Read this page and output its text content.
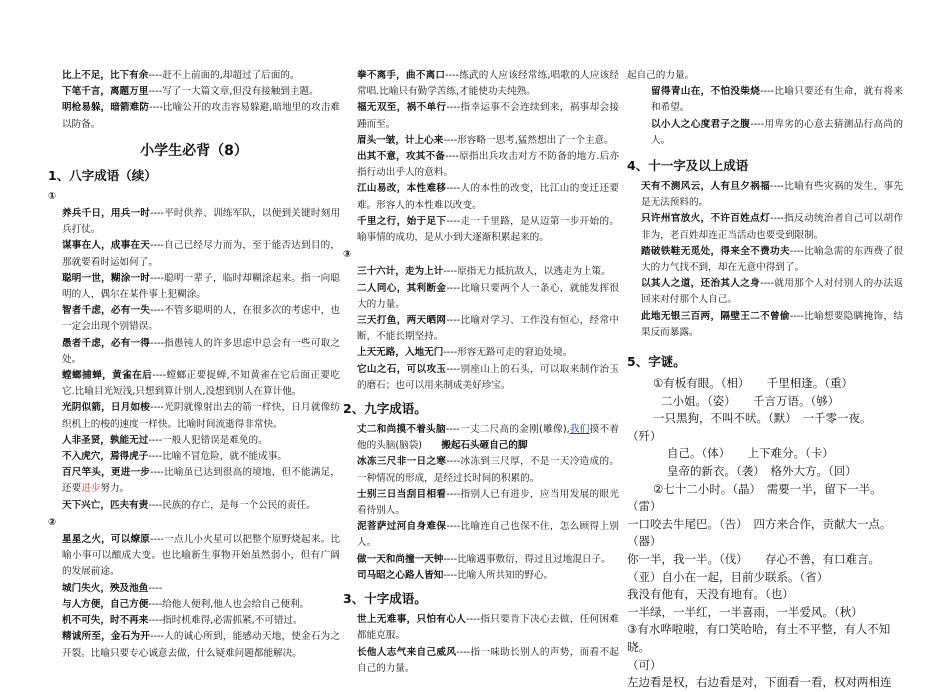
比上不足，比下有余----赶不上前面的,却超过了后面的。

下笔千言，离题万里----写了一大篇文章,但没有接触到主题。

明枪易躲，暗箭难防----比喻公开的攻击容易躲避,暗地里的攻击难以防备。

小学生必背（8）
1、八字成语（续）
①

养兵千日，用兵一时----平时供养、训练军队，以便到关键时刻用兵打仗。

谋事在人，成事在天----自己已经尽力而为，至于能否达到目的，那就要看时运如何了。

聪明一世，糊涂一时----聪明一辈子，临时却糊涂起来。指一向聪明的人，偶尔在某件事上犯糊涂。

智者千虑，必有一失----不管多聪明的人，在很多次的考虑中，也一定会出现个别错误。

愚者千虑，必有一得----指愚钝人的许多思虑中总会有一些可取之处。

螳螂捕蝉，黄雀在后----螳螂正要捉蝉,不知黄雀在它后面正要吃它.比喻目光短浅,只想到算计别人,没想到别人在算计他。

光阴似箭，日月如梭----光阴就像射出去的箭一样快，日月就像纺织机上的梭的速度一样快。比喻时间流逝得非常快。

人非圣贤，孰能无过----一般人犯错误是难免的。

不入虎穴，焉得虎子----比喻不冒危险，就不能成事。

百尺竿头，更进一步----比喻虽已达到很高的境地，但不能满足，还要进步努力。

天下兴亡，匹夫有责----民族的存亡，是每一个公民的责任。

②

星星之火，可以燎原----一点儿小火星可以把整个原野烧起来。比喻小事可以酿成大变。也比喻新生事物开始虽然弱小，但有广阔的发展前途。

城门失火，殃及池鱼----

与人方便，自己方便----给他人便利,他人也会给自己便利。

机不可失，时不再来----指时机难得,必需抓紧,不可错过。

精诚所至，金石为开----人的诚心所到，能感动天地，使金石为之开裂。比喻只要专心诚意去做，什么疑难问题都能解决。

拳不离手，曲不离口----练武的人应该经常练,唱歌的人应该经常唱.比喻只有勤学苦练,才能使功夫纯熟。

福无双至，祸不单行----指幸运事不会连续到来，祸事却会接踵而至。

眉头一皱，计上心来----形容略一思考,猛然想出了一个主意。

出其不意，攻其不备----原指出兵攻击对方不防备的地方.后亦指行动出乎人的意料。

江山易改，本性难移----人的本性的改变，比江山的变迁还要难。形容人的本性难以改变。

千里之行，始于足下----走一千里路，是从迈第一步开始的。喻事情的成功，是从小到大逐渐积累起来的。

③

三十六计，走为上计----原指无力抵抗敌人，以逃走为上策。

二人同心，其利断金----比喻只要两个人一条心，就能发挥很大的力量。

三天打鱼，两天晒网----比喻对学习、工作没有恒心，经常中断，不能长期坚持。

上天无路，入地无门----形容无路可走的窘迫处境。

它山之石，可以攻玉----别座山上的石头，可以取来制作治玉的磨石；也可以用来制成美好珍宝。

2、九字成语。

丈二和尚摸不着头脑----一丈二尺高的金刚(雕像),我们摸不着他的头脑(脑袋)　　 搬起石头砸自己的脚

冰冻三尺非一日之寒----冰冻到三尺厚，不是一天冷造成的。一种情况的形成，是经过长时间的积累的。

士别三日当刮目相看----指别人已有进步，应当用发展的眼光看待别人。

泥菩萨过河自身难保----比喻连自己也保不住，怎么顾得上别人。

做一天和尚撞一天钟----比喻遇事敷衍，得过且过地混日子。

司马昭之心路人皆知----比喻人所共知的野心。

3、十字成语。

世上无难事，只怕有心人----指只要肯下决心去做，任何困难都能克服。

长他人志气来自己威风----指一味助长别人的声势，而看不起自己的力量。

起自己的力量。

留得青山在，不怕没柴烧----比喻只要还有生命，就有将来和希望。

以小人之心度君子之腹----用卑劣的心意去猜测品行高尚的人。

4、十一字及以上成语

天有不测风云，人有旦夕祸福----比喻有些灾祸的发生，事先是无法预料的。

只许州官放火，不许百姓点灯----指反动统治者自己可以胡作非为，老百姓却连正当活动也要受到限制。

踏破铁鞋无觅处，得来全不费功夫----比喻急需的东西费了很大的力气找不到，却在无意中得到了。

以其人之道，还治其人之身----就用那个人对付别人的办法返回来对付那个人自己。

此地无银三百两，隔壁王二不曾偷----比喻想要隐瞒掩饰，结果反而暴露。

5、字谜。

①有板有眼。（相）　　千里相逢。（重）

二小姐。（姿）　　千言万语。（够）

一只黑狗，不叫不吠。（默）　一千零一夜。

（歼）

自己。（体）　　上下难分。（卡）

皇帝的新衣。（袭）　格外大方。（回）

②七十二小时。（晶）　需要一半，留下一半。

（雷）

一口咬去牛尾巴。（告）　四方来合作，贡献大一点。

（器）

你一半，我一半。（伐）　　存心不善，有口难言。

（亚）自小在一起，目前少联系。（省）

我没有他有，天没有地有。（也）

一半绿，一半红，一半喜雨，一半爱风。（秋）

③有水哗啦啦，有口笑哈哈，有土不平整，有人不知晓。

（可）

左边看是权，右边看是对，下面看一看，权对两相连
